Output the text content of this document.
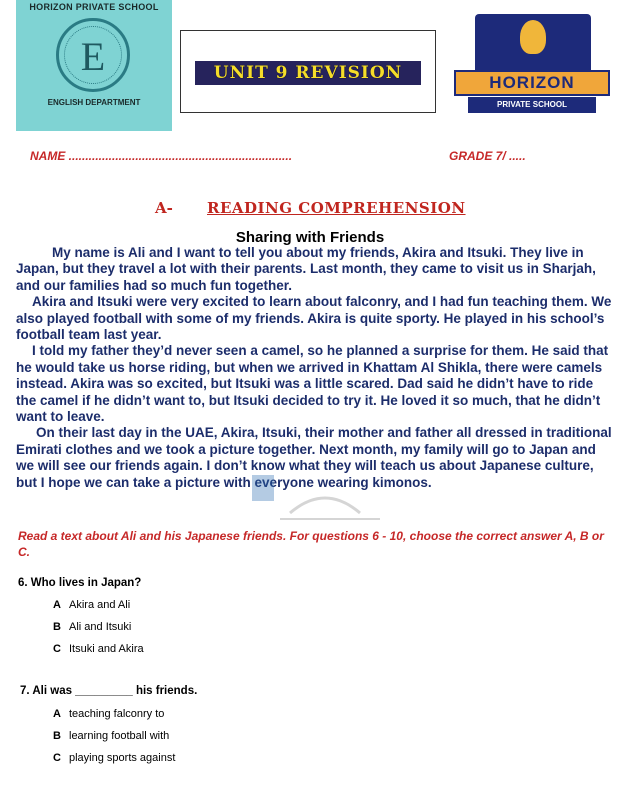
HORIZON PRIVATE SCHOOL
E
ENGLISH DEPARTMENT
UNIT 9 REVISION	HORIZON
PRIVATE SCHOOL
NAME ...................................................................	GRADE 7/ .....
A- READING COMPREHENSION
Sharing with Friends

My name is Ali and I want to tell you about my friends, Akira and Itsuki. They live in Japan, but they travel a lot with their parents. Last month, they came to visit us in Sharjah, and our families had so much fun together.

Akira and Itsuki were very excited to learn about falconry, and I had fun teaching them. We also played football with some of my friends. Akira is quite sporty. He played in his school’s football team last year.

I told my father they’d never seen a camel, so he planned a surprise for them. He said that he would take us horse riding, but when we arrived in Khattam Al Shikla, there were camels instead. Akira was so excited, but Itsuki was a little scared. Dad said he didn’t have to ride the camel if he didn’t want to, but Itsuki decided to try it. He loved it so much, that he didn’t want to leave.

On their last day in the UAE, Akira, Itsuki, their mother and father all dressed in traditional Emirati clothes and we took a picture together. Next month, my family will go to Japan and we will see our friends again. I don’t know what they will teach us about Japanese culture, but I hope we can take a picture with everyone wearing kimonos.

Read a text about Ali and his Japanese friends. For questions 6 - 10, choose the correct answer A, B or C.
6. Who lives in Japan?
A Akira and Ali
B Ali and Itsuki
C Itsuki and Akira
7. Ali was _________ his friends.
A teaching falconry to
B learning football with
C playing sports against
